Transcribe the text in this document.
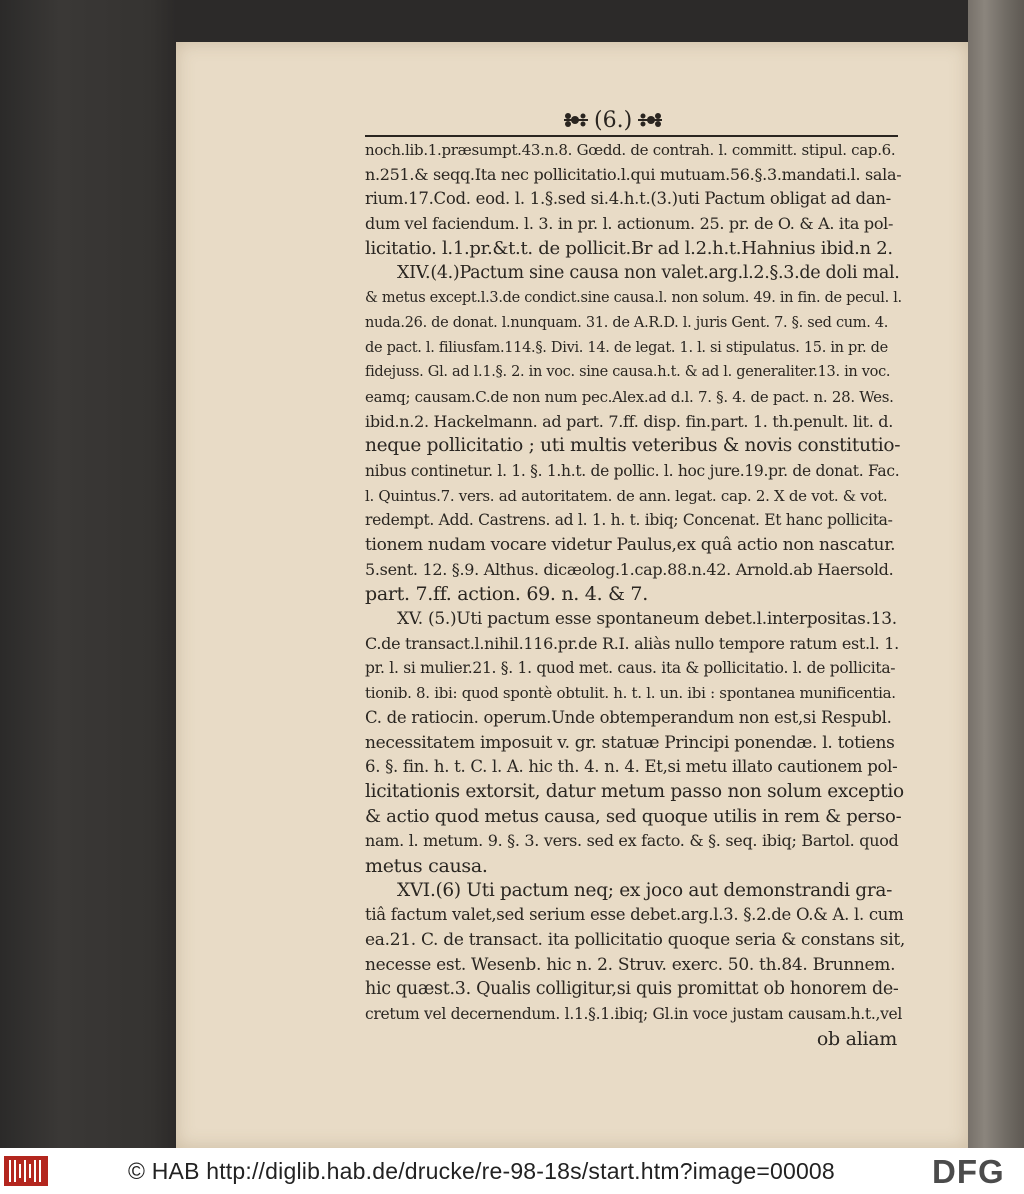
(6.)
noch.lib.1.præsumpt.43.n.8. Gœdd. de contrah. l. committ. stipul. cap.6.
n.251.& seqq.Ita nec pollicitatio.l.qui mutuam.56.§.3.mandati.l. sala-
rium.17.Cod. eod. l. 1.§.sed si.4.h.t.(3.)uti Pactum obligat ad dan-
dum vel faciendum. l. 3. in pr. l. actionum. 25. pr. de O. & A. ita pol-
licitatio. l.1.pr.&t.t. de pollicit.Br ad l.2.h.t.Hahnius ibid.n 2.
XIV.(4.)Pactum sine causa non valet.arg.l.2.§.3.de doli mal.
& metus except.l.3.de condict.sine causa.l. non solum. 49. in fin. de pecul. l.
nuda.26. de donat. l.nunquam. 31. de A.R.D. l. juris Gent. 7. §. sed cum. 4.
de pact. l. filiusfam.114.§. Divi. 14. de legat. 1. l. si stipulatus. 15. in pr. de
fidejuss. Gl. ad l.1.§. 2. in voc. sine causa.h.t. & ad l. generaliter.13. in voc.
eamq; causam.C.de non num pec.Alex.ad d.l. 7. §. 4. de pact. n. 28. Wes.
ibid.n.2. Hackelmann. ad part. 7.ff. disp. fin.part. 1. th.penult. lit. d.
neque pollicitatio ; uti multis veteribus & novis constitutio-
nibus continetur. l. 1. §. 1.h.t. de pollic. l. hoc jure.19.pr. de donat. Fac.
l. Quintus.7. vers. ad autoritatem. de ann. legat. cap. 2. X de vot. & vot.
redempt. Add. Castrens. ad l. 1. h. t. ibiq; Concenat. Et hanc pollicita-
tionem nudam vocare videtur Paulus,ex quâ actio non nascatur.
5.sent. 12. §.9. Althus. dicæolog.1.cap.88.n.42. Arnold.ab Haersold.
part. 7.ff. action. 69. n. 4. & 7.
XV. (5.)Uti pactum esse spontaneum debet.l.interpositas.13.
C.de transact.l.nihil.116.pr.de R.I. aliàs nullo tempore ratum est.l. 1.
pr. l. si mulier.21. §. 1. quod met. caus. ita & pollicitatio. l. de pollicita-
tionib. 8. ibi: quod spontè obtulit. h. t. l. un. ibi : spontanea munificentia.
C. de ratiocin. operum.Unde obtemperandum non est,si Respubl.
necessitatem imposuit v. gr. statuæ Principi ponendæ. l. totiens
6. §. fin. h. t. C. l. A. hic th. 4. n. 4. Et,si metu illato cautionem pol-
licitationis extorsit, datur metum passo non solum exceptio
& actio quod metus causa, sed quoque utilis in rem & perso-
nam. l. metum. 9. §. 3. vers. sed ex facto. & §. seq. ibiq; Bartol. quod
metus causa.
XVI.(6) Uti pactum neq; ex joco aut demonstrandi gra-
tiâ factum valet,sed serium esse debet.arg.l.3. §.2.de O.& A. l. cum
ea.21. C. de transact. ita pollicitatio quoque seria & constans sit,
necesse est. Wesenb. hic n. 2. Struv. exerc. 50. th.84. Brunnem.
hic quæst.3. Qualis colligitur,si quis promittat ob honorem de-
cretum vel decernendum. l.1.§.1.ibiq; Gl.in voce justam causam.h.t.,vel
ob aliam
© HAB http://diglib.hab.de/drucke/re-98-18s/start.htm?image=00008	DFG
